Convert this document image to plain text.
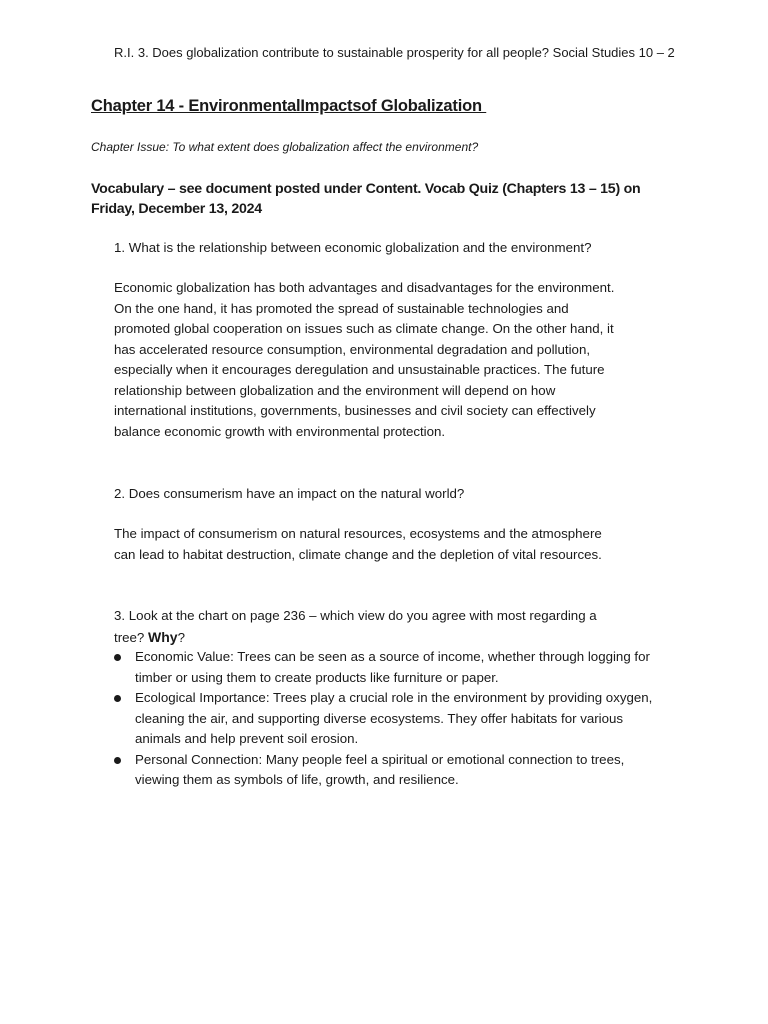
R.I. 3. Does globalization contribute to sustainable prosperity for all people? Social Studies 10 – 2
Chapter 14 - EnvironmentalImpactsof Globalization
Chapter Issue: To what extent does globalization affect the environment?
Vocabulary – see document posted under Content. Vocab Quiz (Chapters 13 – 15) on Friday, December 13, 2024
1. What is the relationship between economic globalization and the environment?
Economic globalization has both advantages and disadvantages for the environment. On the one hand, it has promoted the spread of sustainable technologies and promoted global cooperation on issues such as climate change. On the other hand, it has accelerated resource consumption, environmental degradation and pollution, especially when it encourages deregulation and unsustainable practices. The future relationship between globalization and the environment will depend on how international institutions, governments, businesses and civil society can effectively balance economic growth with environmental protection.
2. Does consumerism have an impact on the natural world?
The impact of consumerism on natural resources, ecosystems and the atmosphere can lead to habitat destruction, climate change and the depletion of vital resources.
3. Look at the chart on page 236 – which view do you agree with most regarding a tree? Why?
Economic Value: Trees can be seen as a source of income, whether through logging for timber or using them to create products like furniture or paper.
Ecological Importance: Trees play a crucial role in the environment by providing oxygen, cleaning the air, and supporting diverse ecosystems. They offer habitats for various animals and help prevent soil erosion.
Personal Connection: Many people feel a spiritual or emotional connection to trees, viewing them as symbols of life, growth, and resilience.
